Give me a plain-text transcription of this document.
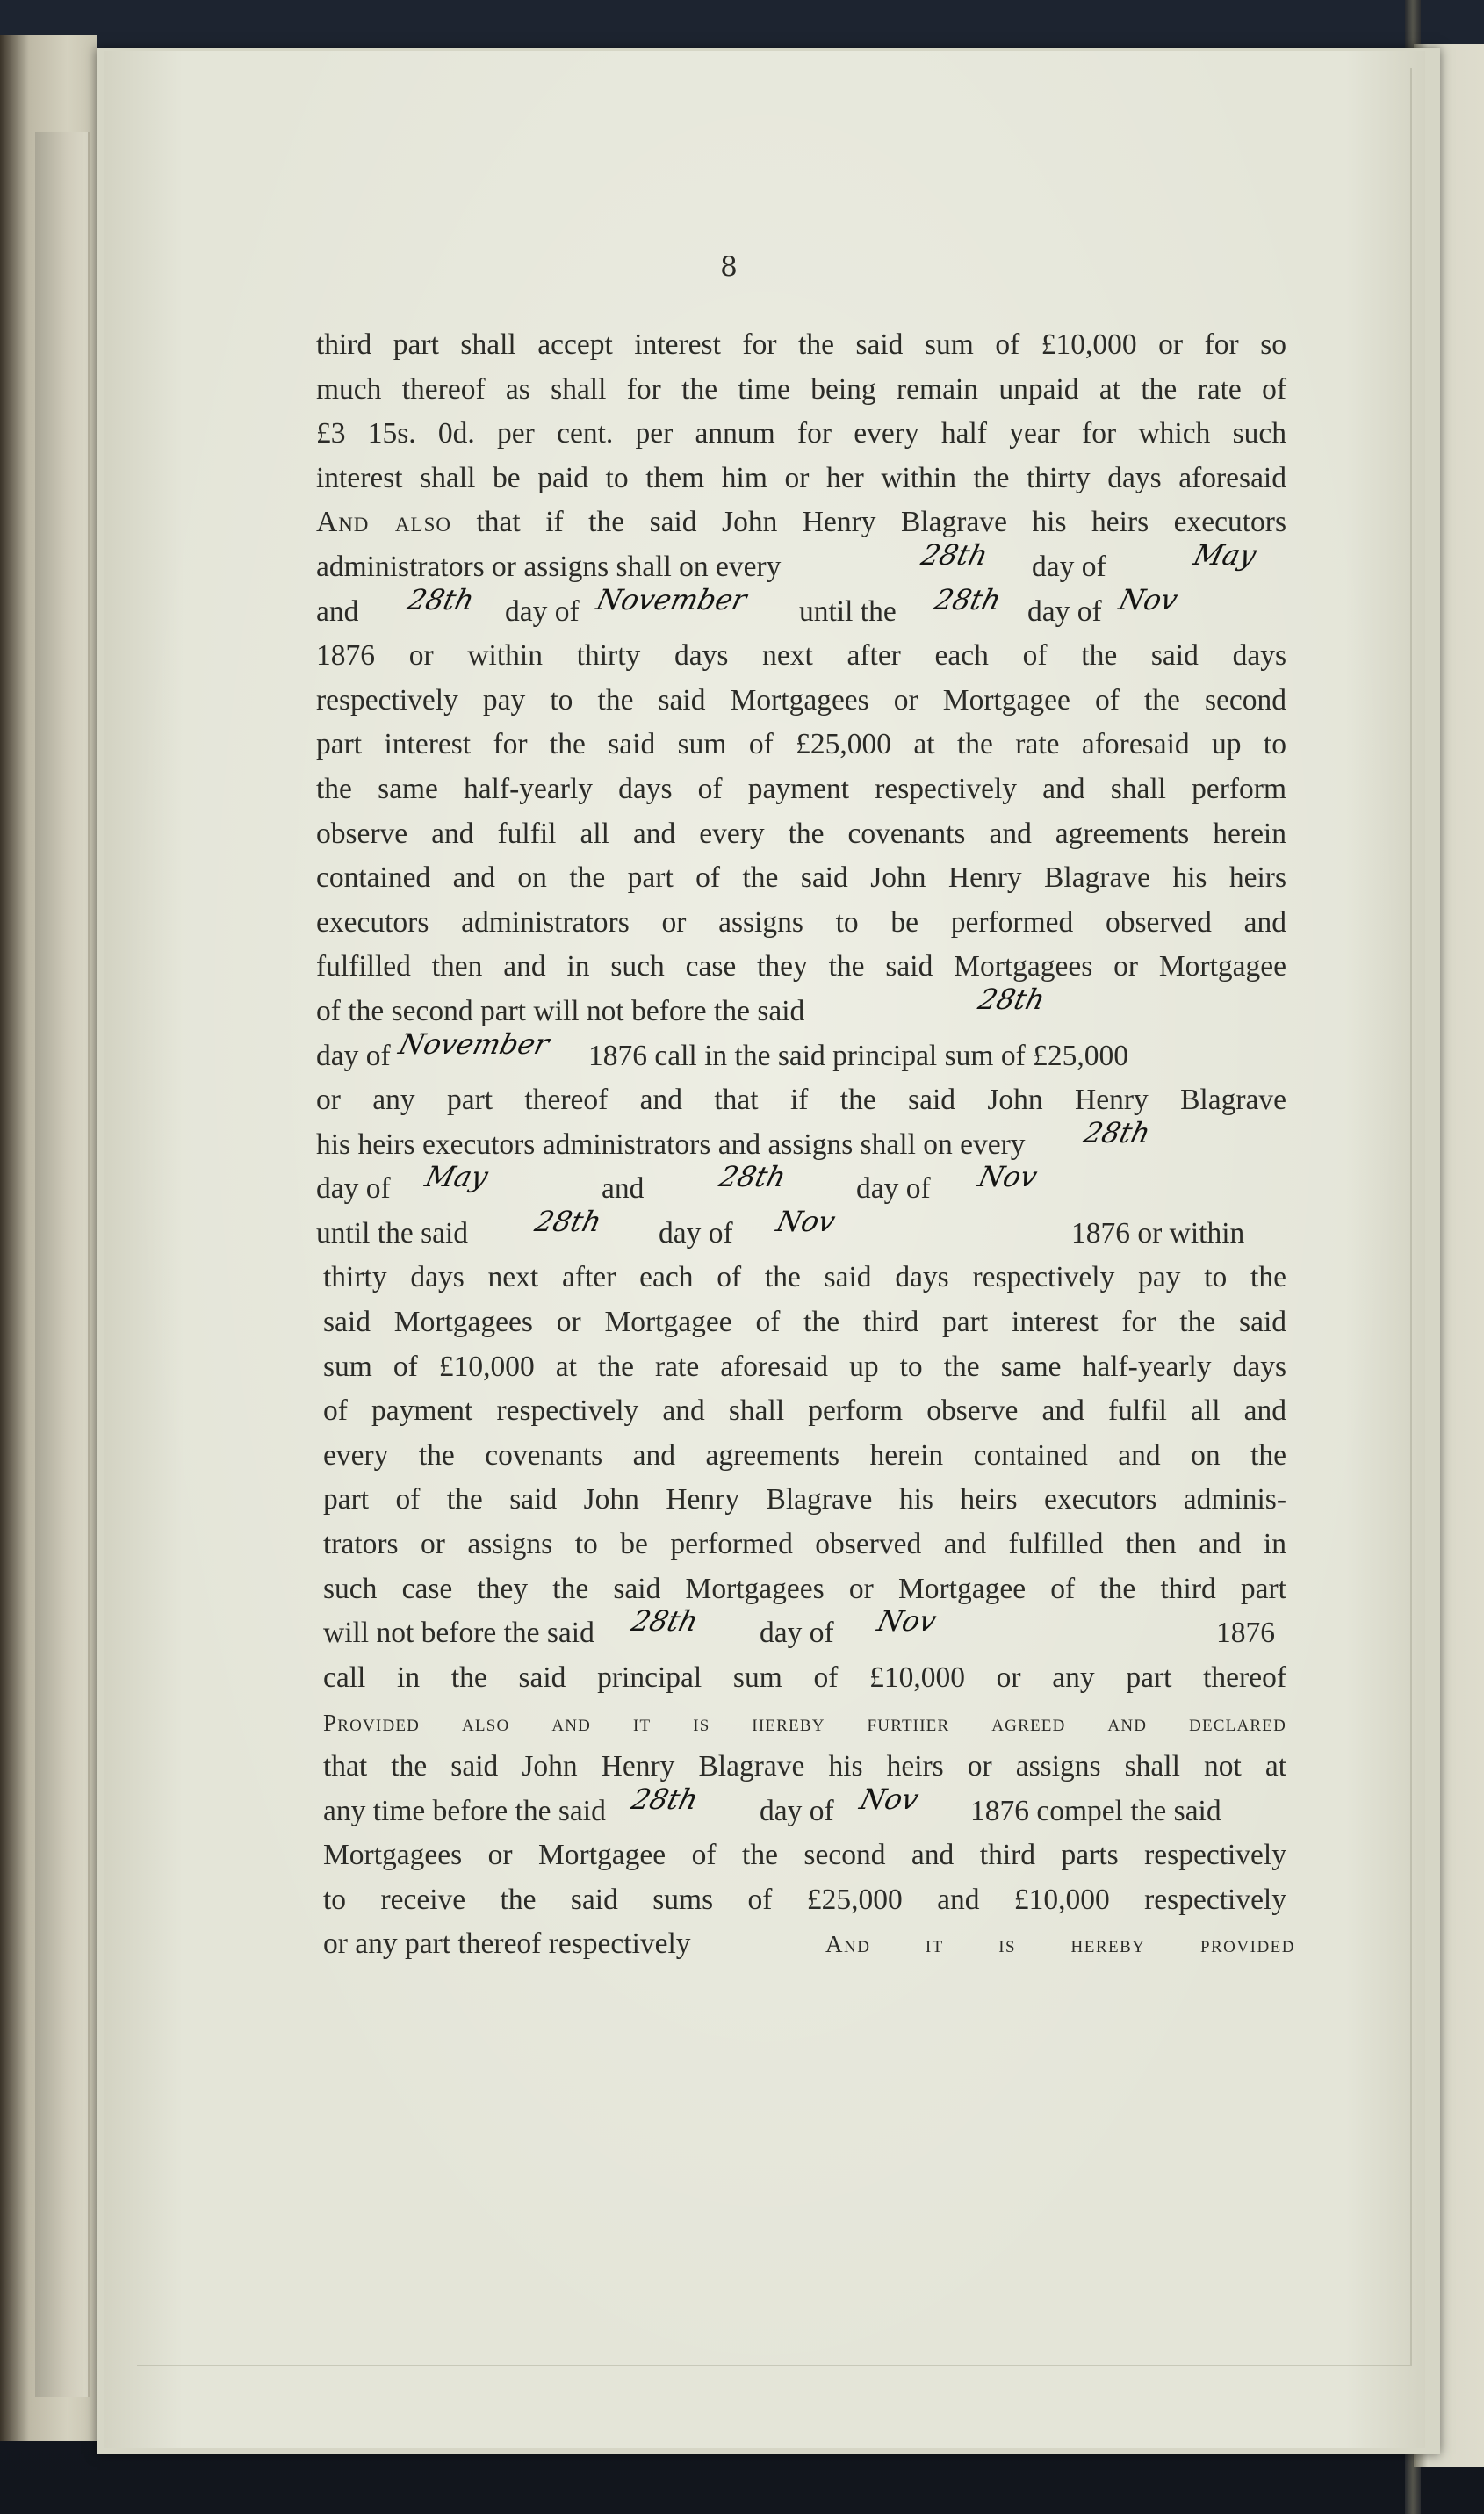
8
third part shall accept interest for the said sum of £10,000 or for so
much thereof as shall for the time being remain unpaid at the rate of
£3 15s. 0d. per cent. per annum for every half year for which such
interest shall be paid to them him or her within the thirty days aforesaid
And also that if the said John Henry Blagrave his heirs executors
administrators or assigns shall on every	28th day of	May
and 28th day of November until the 28th day of Nov
1876 or within thirty days next after each of the said days
respectively pay to the said Mortgagees or Mortgagee of the second
part interest for the said sum of £25,000 at the rate aforesaid up to
the same half-yearly days of payment respectively and shall perform
observe and fulfil all and every the covenants and agreements herein
contained and on the part of the said John Henry Blagrave his heirs
executors administrators or assigns to be performed observed and
fulfilled then and in such case they the said Mortgagees or Mortgagee
of the second part will not before the said	28th
day of November 1876 call in the said principal sum of £25,000
or any part thereof and that if the said John Henry Blagrave
his heirs executors administrators and assigns shall on every 28th
day of May	and	28th day of Nov
until the said 28th day of Nov	1876 or within
thirty days next after each of the said days respectively pay to the
said Mortgagees or Mortgagee of the third part interest for the said
sum of £10,000 at the rate aforesaid up to the same half-yearly days
of payment respectively and shall perform observe and fulfil all and
every the covenants and agreements herein contained and on the
part of the said John Henry Blagrave his heirs executors adminis-
trators or assigns to be performed observed and fulfilled then and in
such case they the said Mortgagees or Mortgagee of the third part
will not before the said 28th day of Nov	1876
call in the said principal sum of £10,000 or any part thereof
Provided also and it is hereby further agreed and declared
that the said John Henry Blagrave his heirs or assigns shall not at
any time before the said 28th day of Nov 1876 compel the said
Mortgagees or Mortgagee of the second and third parts respectively
to receive the said sums of £25,000 and £10,000 respectively
or any part thereof respectively	And it is hereby provided
